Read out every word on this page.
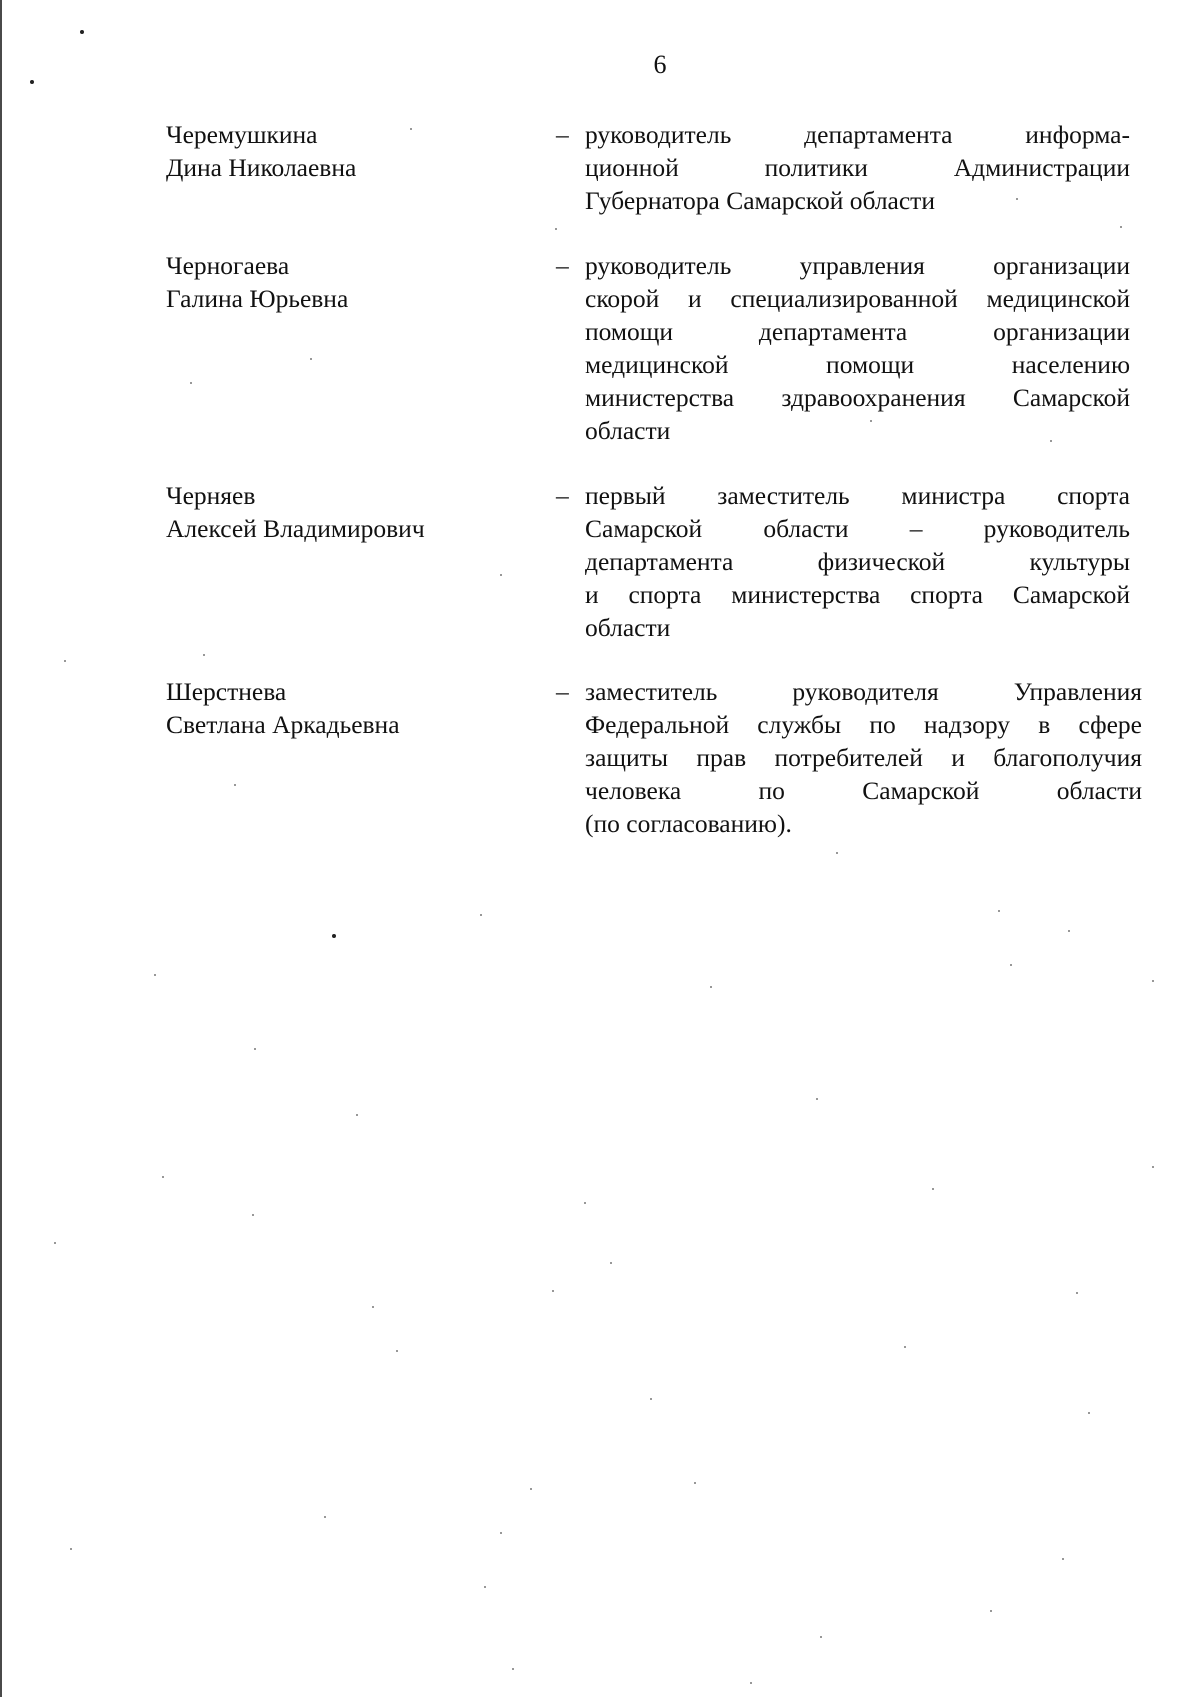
6
Черемушкина
Дина Николаевна
– руководитель департамента информа-
ционной политики Администрации
Губернатора Самарской области
Черногаева
Галина Юрьевна
– руководитель управления организации
скорой и специализированной медицинской
помощи департамента организации
медицинской помощи населению
министерства здравоохранения Самарской
области
Черняев
Алексей Владимирович
– первый заместитель министра спорта
Самарской области – руководитель
департамента физической культуры
и спорта министерства спорта Самарской
области
Шерстнева
Светлана Аркадьевна
– заместитель руководителя Управления
Федеральной службы по надзору в сфере
защиты прав потребителей и благополучия
человека по Самарской области
(по согласованию).
